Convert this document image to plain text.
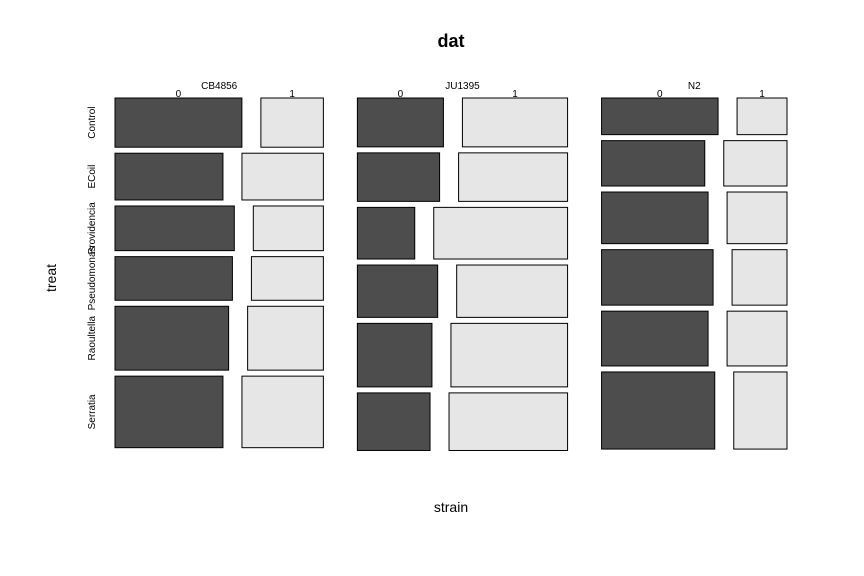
dat
strain
treat
Control
ECoil
Providencia
Pseudomonas
Raoultella
Serratia
CB4856
0	1
JU1395
0	1
N2
0	1
